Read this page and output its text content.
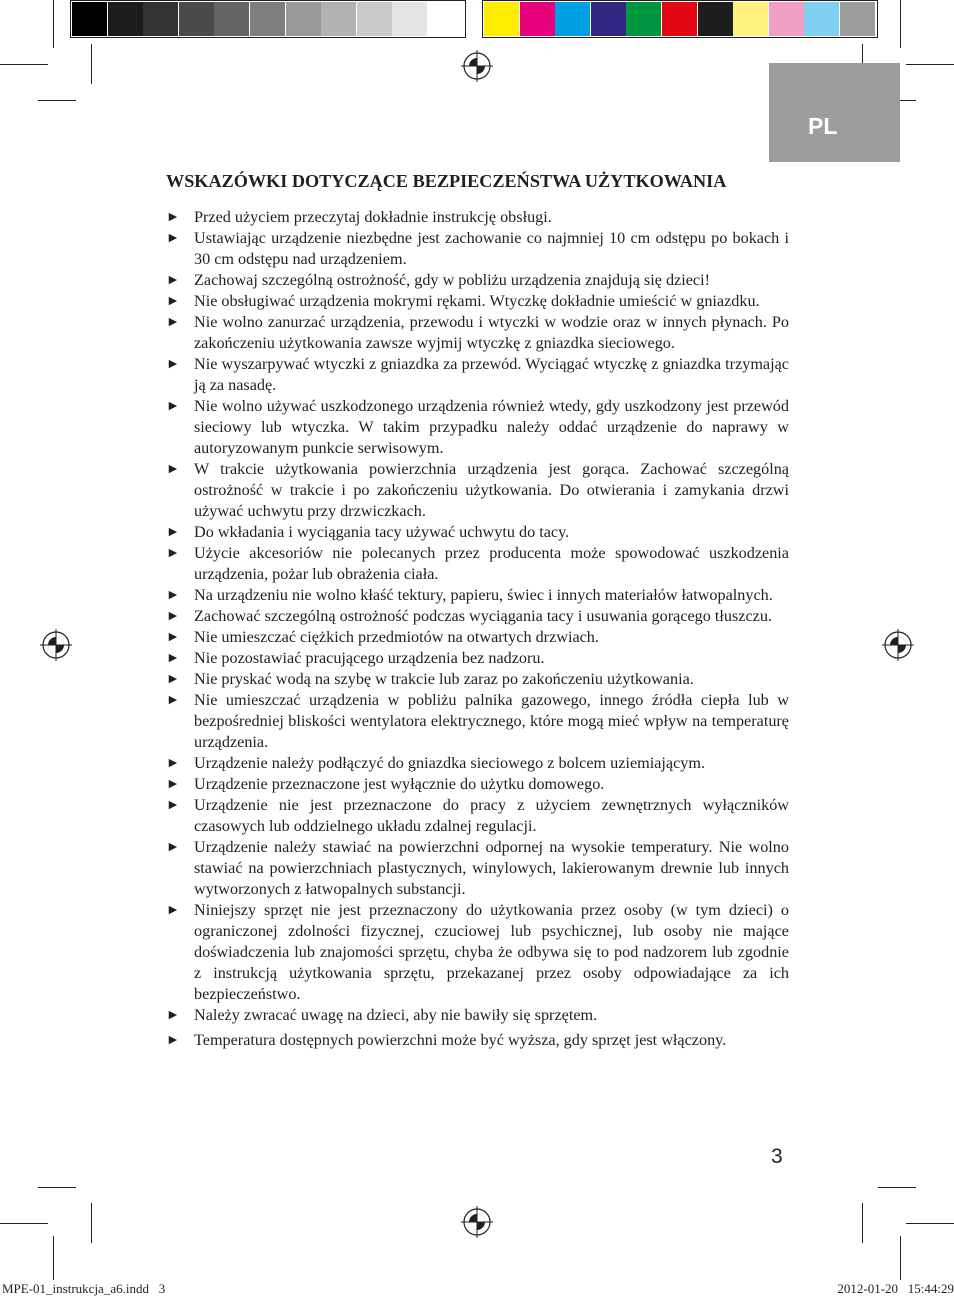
PL
WSKAZÓWKI DOTYCZĄCE BEZPIECZEŃSTWA UŻYTKOWANIA
► Przed użyciem przeczytaj dokładnie instrukcję obsługi.
► Ustawiając urządzenie niezbędne jest zachowanie co najmniej 10 cm odstępu po bokach i 30 cm odstępu nad urządzeniem.
► Zachowaj szczególną ostrożność, gdy w pobliżu urządzenia znajdują się dzieci!
► Nie obsługiwać urządzenia mokrymi rękami. Wtyczkę dokładnie umieścić w gniazdku.
► Nie wolno zanurzać urządzenia, przewodu i wtyczki w wodzie oraz w innych płynach. Po zakończeniu użytkowania zawsze wyjmij wtyczkę z gniazdka sieciowego.
► Nie wyszarpywać wtyczki z gniazdka za przewód. Wyciągać wtyczkę z gniazdka trzymając ją za nasadę.
► Nie wolno używać uszkodzonego urządzenia również wtedy, gdy uszkodzony jest przewód sieciowy lub wtyczka. W takim przypadku należy oddać urządzenie do naprawy w autoryzowanym punkcie serwisowym.
► W trakcie użytkowania powierzchnia urządzenia jest gorąca. Zachować szczególną ostrożność w trakcie i po zakończeniu użytkowania. Do otwierania i zamykania drzwi używać uchwytu przy drzwiczkach.
► Do wkładania i wyciągania tacy używać uchwytu do tacy.
► Użycie akcesoriów nie polecanych przez producenta może spowodować uszkodzenia urządzenia, pożar lub obrażenia ciała.
► Na urządzeniu nie wolno kłaść tektury, papieru, świec i innych materiałów łatwopalnych.
► Zachować szczególną ostrożność podczas wyciągania tacy i usuwania gorącego tłuszczu.
► Nie umieszczać ciężkich przedmiotów na otwartych drzwiach.
► Nie pozostawiać pracującego urządzenia bez nadzoru.
► Nie pryskać wodą na szybę w trakcie lub zaraz po zakończeniu użytkowania.
► Nie umieszczać urządzenia w pobliżu palnika gazowego, innego źródła ciepła lub w bezpośredniej bliskości wentylatora elektrycznego, które mogą mieć wpływ na temperaturę urządzenia.
► Urządzenie należy podłączyć do gniazdka sieciowego z bolcem uziemiającym.
► Urządzenie przeznaczone jest wyłącznie do użytku domowego.
► Urządzenie nie jest przeznaczone do pracy z użyciem zewnętrznych wyłączników czasowych lub oddzielnego układu zdalnej regulacji.
► Urządzenie należy stawiać na powierzchni odpornej na wysokie temperatury. Nie wolno stawiać na powierzchniach plastycznych, winylowych, lakierowanym drewnie lub innych wytworzonych z łatwopalnych substancji.
► Niniejszy sprzęt nie jest przeznaczony do użytkowania przez osoby (w tym dzieci) o ograniczonej zdolności fizycznej, czuciowej lub psychicznej, lub osoby nie mające doświadczenia lub znajomości sprzętu, chyba że odbywa się to pod nadzorem lub zgodnie z instrukcją użytkowania sprzętu, przekazanej przez osoby odpowiadające za ich bezpieczeństwo.
► Należy zwracać uwagę na dzieci, aby nie bawiły się sprzętem.
► Temperatura dostępnych powierzchni może być wyższa, gdy sprzęt jest włączony.
3
MPE-01_instrukcja_a6.indd   3	2012-01-20   15:44:29
